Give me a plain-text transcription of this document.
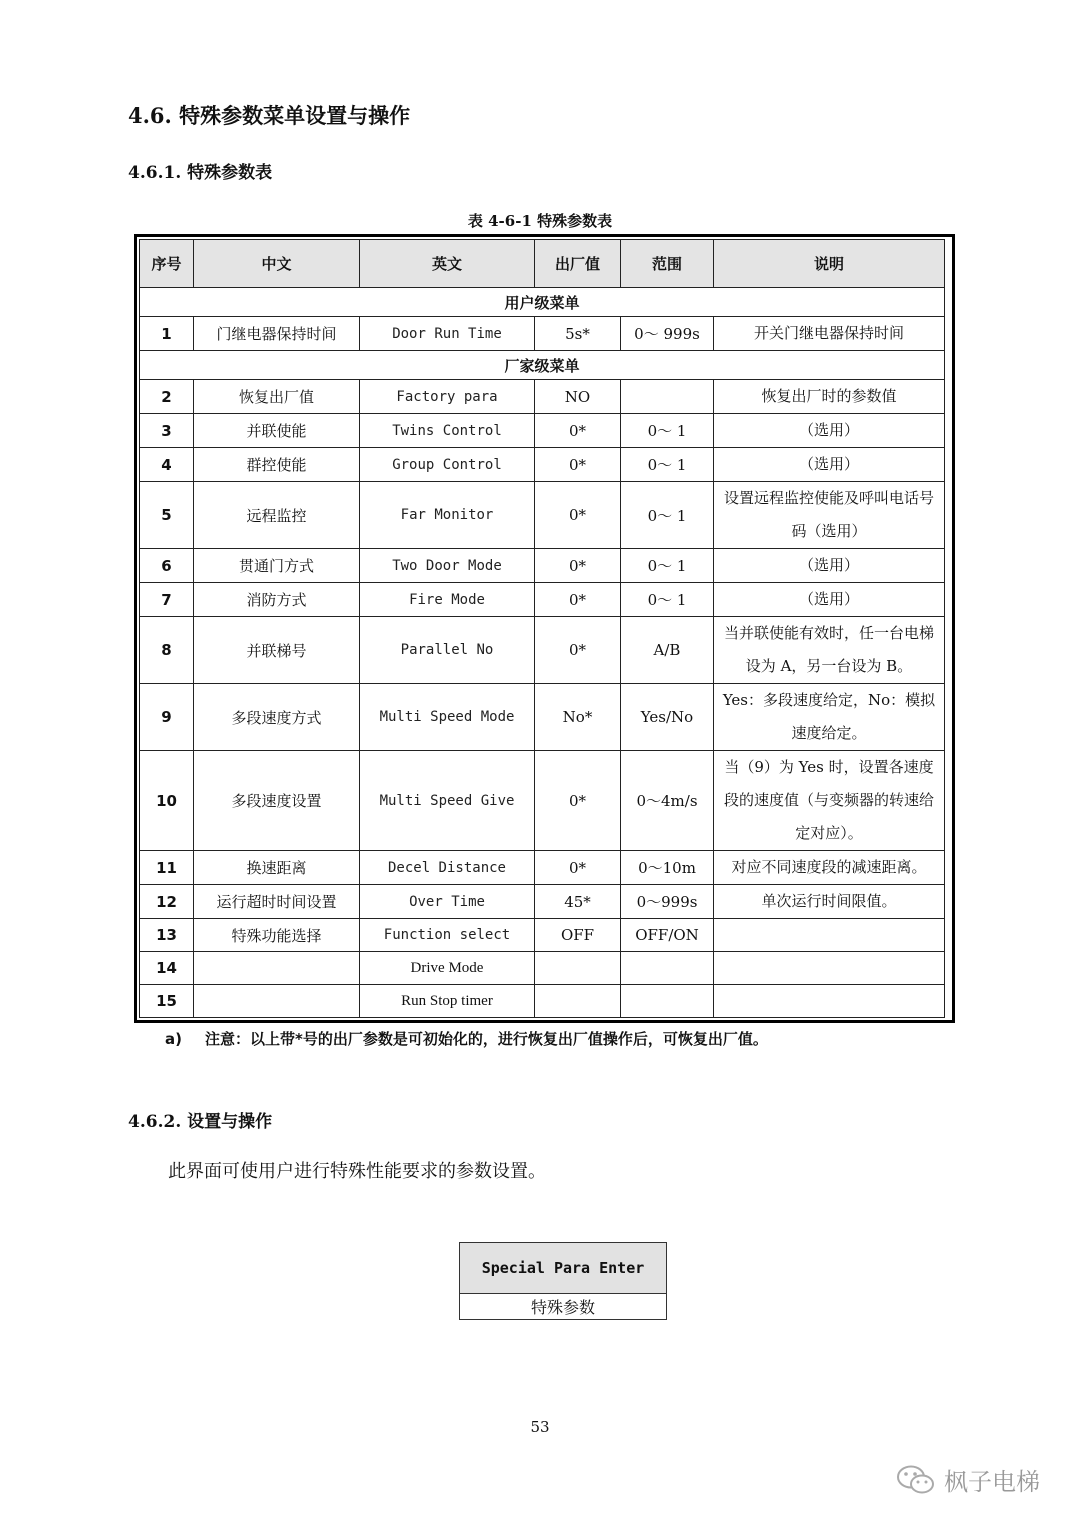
4.6. 特殊参数菜单设置与操作
4.6.1. 特殊参数表
表 4-6-1 特殊参数表
序号	中文	英文	出厂值	范围	说明
用户级菜单					
1	门继电器保持时间	Door Run Time	5s*	0～ 999s	开关门继电器保持时间
厂家级菜单					
2	恢复出厂值	Factory para	NO		恢复出厂时的参数值
3	并联使能	Twins Control	0*	0～ 1	（选用）
4	群控使能	Group Control	0*	0～ 1	（选用）
5	远程监控	Far Monitor	0*	0～ 1	设置远程监控使能及呼叫电话号码（选用）
6	贯通门方式	Two Door Mode	0*	0～ 1	（选用）
7	消防方式	Fire Mode	0*	0～ 1	（选用）
8	并联梯号	Parallel No	0*	A/B	当并联使能有效时，任一台电梯设为 A，另一台设为 B。
9	多段速度方式	Multi Speed Mode	No*	Yes/No	Yes：多段速度给定，No：模拟速度给定。
10	多段速度设置	Multi Speed Give	0*	0～4m/s	当（9）为 Yes 时，设置各速度段的速度值（与变频器的转速给定对应）。
11	换速距离	Decel Distance	0*	0～10m	对应不同速度段的减速距离。
12	运行超时时间设置	Over Time	45*	0～999s	单次运行时间限值。
13	特殊功能选择	Function select	OFF	OFF/ON	
14		Drive Mode			
15		Run Stop timer			
a) 注意：以上带*号的出厂参数是可初始化的，进行恢复出厂值操作后，可恢复出厂值。
4.6.2. 设置与操作
此界面可使用户进行特殊性能要求的参数设置。
Special Para Enter
特殊参数
53
枫子电梯
